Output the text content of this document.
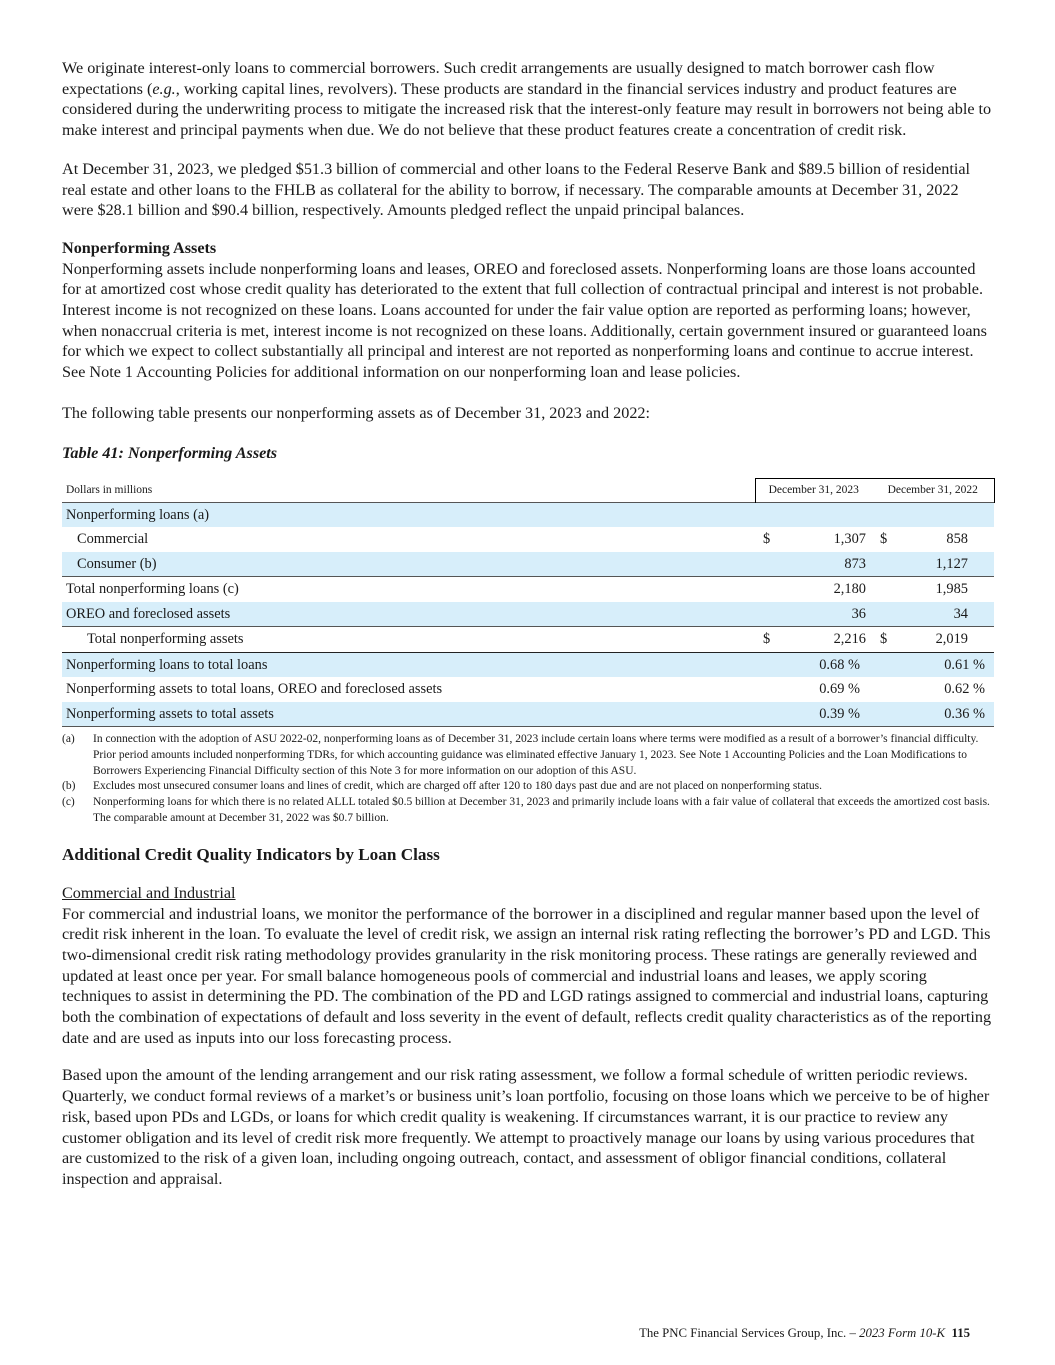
We originate interest-only loans to commercial borrowers. Such credit arrangements are usually designed to match borrower cash flow expectations (e.g., working capital lines, revolvers). These products are standard in the financial services industry and product features are considered during the underwriting process to mitigate the increased risk that the interest-only feature may result in borrowers not being able to make interest and principal payments when due. We do not believe that these product features create a concentration of credit risk.

At December 31, 2023, we pledged $51.3 billion of commercial and other loans to the Federal Reserve Bank and $89.5 billion of residential real estate and other loans to the FHLB as collateral for the ability to borrow, if necessary. The comparable amounts at December 31, 2022 were $28.1 billion and $90.4 billion, respectively. Amounts pledged reflect the unpaid principal balances.

Nonperforming Assets

Nonperforming assets include nonperforming loans and leases, OREO and foreclosed assets. Nonperforming loans are those loans accounted for at amortized cost whose credit quality has deteriorated to the extent that full collection of contractual principal and interest is not probable. Interest income is not recognized on these loans. Loans accounted for under the fair value option are reported as performing loans; however, when nonaccrual criteria is met, interest income is not recognized on these loans. Additionally, certain government insured or guaranteed loans for which we expect to collect substantially all principal and interest are not reported as nonperforming loans and continue to accrue interest. See Note 1 Accounting Policies for additional information on our nonperforming loan and lease policies.

The following table presents our nonperforming assets as of December 31, 2023 and 2022:

Table 41: Nonperforming Assets
Dollars in millions	December 31, 2023		December 31, 2022	
Nonperforming loans (a)				
Commercial	$	1,307	$	858
Consumer (b)		873		1,127
Total nonperforming loans (c)		2,180		1,985
OREO and foreclosed assets		36		34
Total nonperforming assets	$	2,216	$	2,019
Nonperforming loans to total loans		0.68 %		0.61 %
Nonperforming assets to total loans, OREO and foreclosed assets		0.69 %		0.62 %
Nonperforming assets to total assets		0.39 %		0.36 %
(a)	In connection with the adoption of ASU 2022-02, nonperforming loans as of December 31, 2023 include certain loans where terms were modified as a result of a borrower’s financial difficulty. Prior period amounts included nonperforming TDRs, for which accounting guidance was eliminated effective January 1, 2023. See Note 1 Accounting Policies and the Loan Modifications to Borrowers Experiencing Financial Difficulty section of this Note 3 for more information on our adoption of this ASU.
(b)	Excludes most unsecured consumer loans and lines of credit, which are charged off after 120 to 180 days past due and are not placed on nonperforming status.
(c)	Nonperforming loans for which there is no related ALLL totaled $0.5 billion at December 31, 2023 and primarily include loans with a fair value of collateral that exceeds the amortized cost basis. The comparable amount at December 31, 2022 was $0.7 billion.
Additional Credit Quality Indicators by Loan Class

Commercial and Industrial

For commercial and industrial loans, we monitor the performance of the borrower in a disciplined and regular manner based upon the level of credit risk inherent in the loan. To evaluate the level of credit risk, we assign an internal risk rating reflecting the borrower’s PD and LGD. This two-dimensional credit risk rating methodology provides granularity in the risk monitoring process. These ratings are generally reviewed and updated at least once per year. For small balance homogeneous pools of commercial and industrial loans and leases, we apply scoring techniques to assist in determining the PD. The combination of the PD and LGD ratings assigned to commercial and industrial loans, capturing both the combination of expectations of default and loss severity in the event of default, reflects credit quality characteristics as of the reporting date and are used as inputs into our loss forecasting process.

Based upon the amount of the lending arrangement and our risk rating assessment, we follow a formal schedule of written periodic reviews. Quarterly, we conduct formal reviews of a market’s or business unit’s loan portfolio, focusing on those loans which we perceive to be of higher risk, based upon PDs and LGDs, or loans for which credit quality is weakening. If circumstances warrant, it is our practice to review any customer obligation and its level of credit risk more frequently. We attempt to proactively manage our loans by using various procedures that are customized to the risk of a given loan, including ongoing outreach, contact, and assessment of obligor financial conditions, collateral inspection and appraisal.

The PNC Financial Services Group, Inc. – 2023 Form 10-K 115
